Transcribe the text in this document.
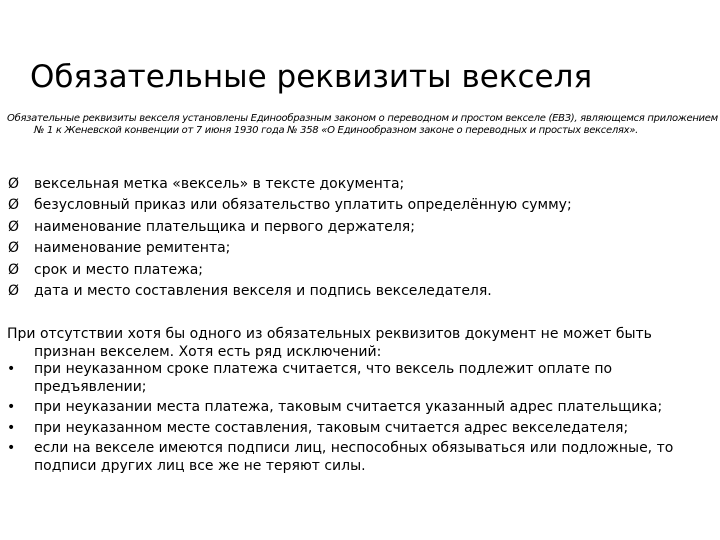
Обязательные реквизиты векселя
Обязательные реквизиты векселя установлены Единообразным законом о переводном и простом векселе (ЕВЗ), являющемся приложением № 1 к Женевской конвенции от 7 июня 1930 года № 358 «О Единообразном законе о переводных и простых векселях».
Ø вексельная метка «вексель» в тексте документа;
Ø безусловный приказ или обязательство уплатить определённую сумму;
Ø наименование плательщика и первого держателя;
Ø наименование ремитента;
Ø срок и место платежа;
Ø дата и место составления векселя и подпись векселедателя.

При отсутствии хотя бы одного из обязательных реквизитов документ не может быть признан векселем. Хотя есть ряд исключений:

• при неуказанном сроке платежа считается, что вексель подлежит оплате по предъявлении;
• при неуказании места платежа, таковым считается указанный адрес плательщика;
• при неуказанном месте составления, таковым считается адрес векселедателя;
• если на векселе имеются подписи лиц, неспособных обязываться или подложные, то подписи других лиц все же не теряют силы.
